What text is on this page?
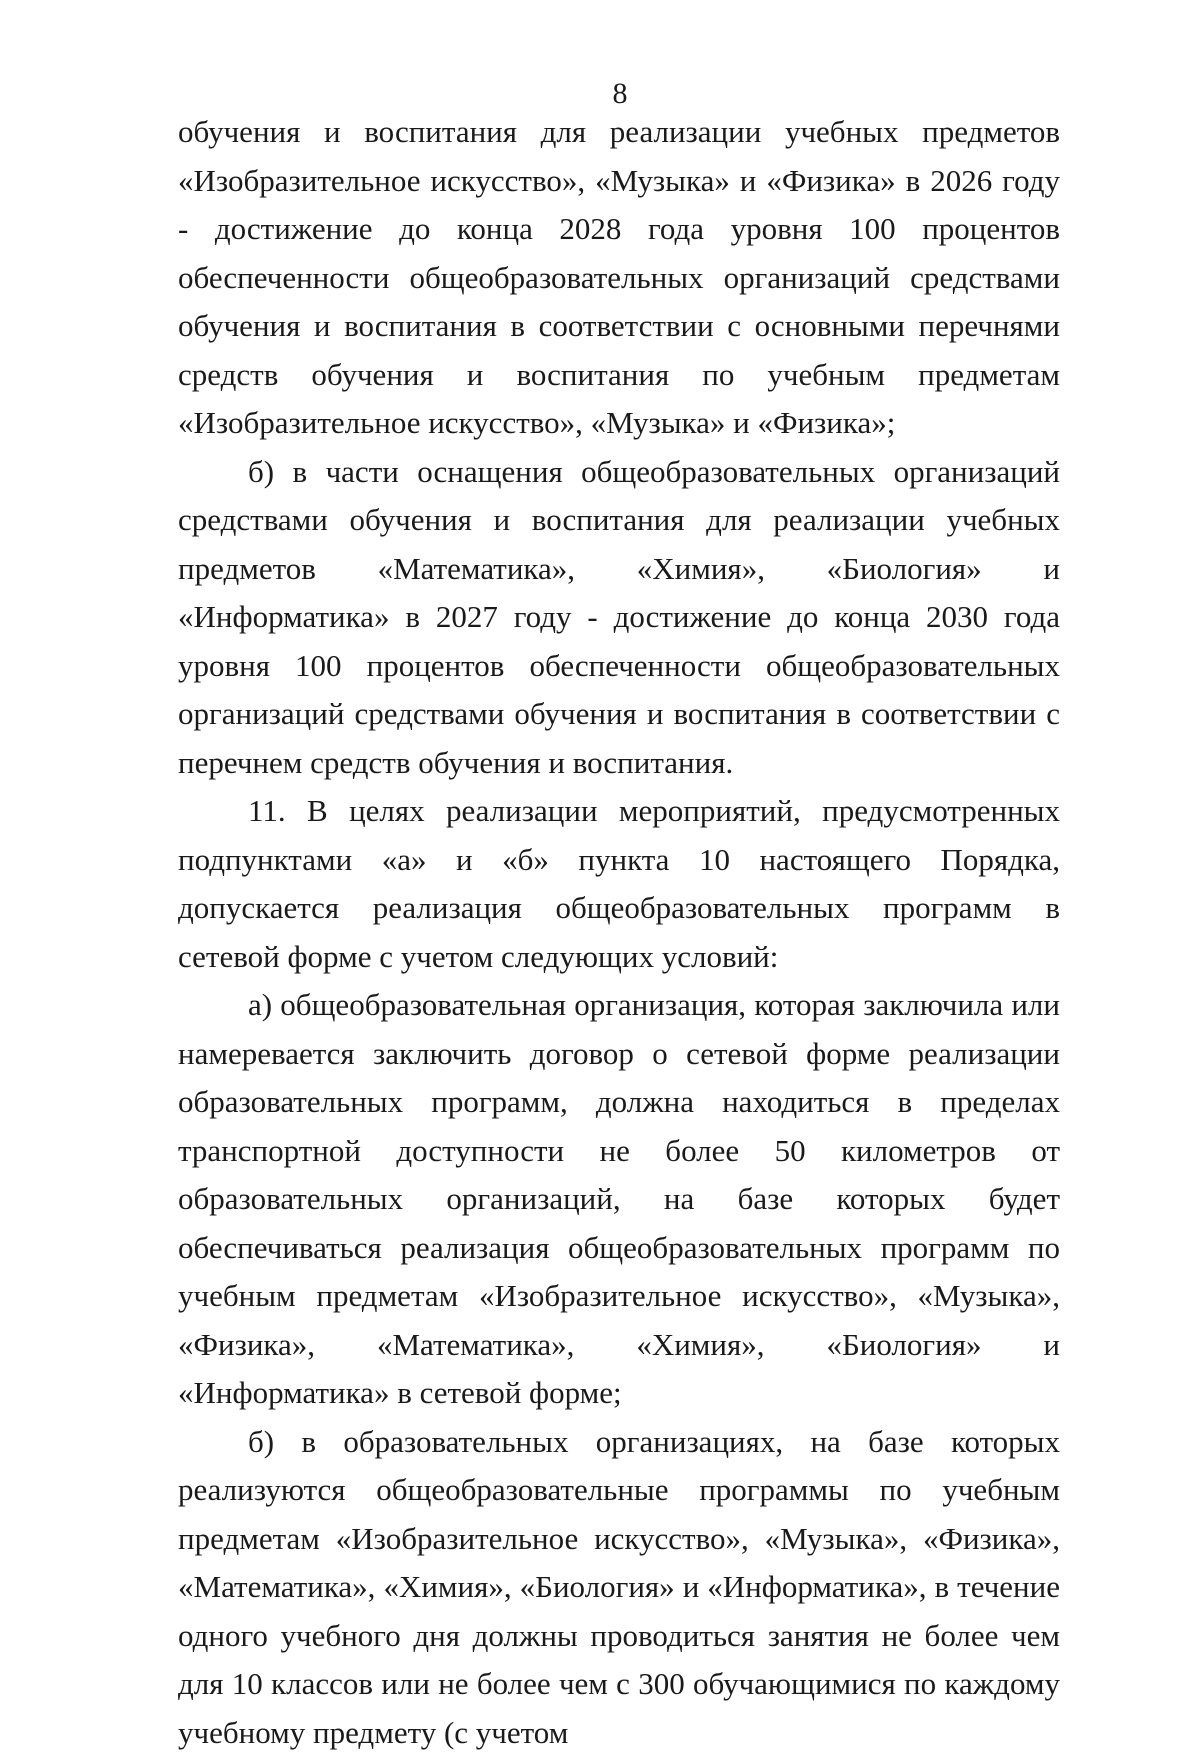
8

обучения и воспитания для реализации учебных предметов «Изобразительное искусство», «Музыка» и «Физика» в 2026 году - достижение до конца 2028 года уровня 100 процентов обеспеченности общеобразовательных организаций средствами обучения и воспитания в соответствии с основными перечнями средств обучения и воспитания по учебным предметам «Изобразительное искусство», «Музыка» и «Физика»;

б) в части оснащения общеобразовательных организаций средствами обучения и воспитания для реализации учебных предметов «Математика», «Химия», «Биология» и «Информатика» в 2027 году - достижение до конца 2030 года уровня 100 процентов обеспеченности общеобразовательных организаций средствами обучения и воспитания в соответствии с перечнем средств обучения и воспитания.

11. В целях реализации мероприятий, предусмотренных подпунктами «а» и «б» пункта 10 настоящего Порядка, допускается реализация общеобразовательных программ в сетевой форме с учетом следующих условий:

а) общеобразовательная организация, которая заключила или намеревается заключить договор о сетевой форме реализации образовательных программ, должна находиться в пределах транспортной доступности не более 50 километров от образовательных организаций, на базе которых будет обеспечиваться реализация общеобразовательных программ по учебным предметам «Изобразительное искусство», «Музыка», «Физика», «Математика», «Химия», «Биология» и «Информатика» в сетевой форме;

б) в образовательных организациях, на базе которых реализуются общеобразовательные программы по учебным предметам «Изобразительное искусство», «Музыка», «Физика», «Математика», «Химия», «Биология» и «Информатика», в течение одного учебного дня должны проводиться занятия не более чем для 10 классов или не более чем с 300 обучающимися по каждому учебному предмету (с учетом
